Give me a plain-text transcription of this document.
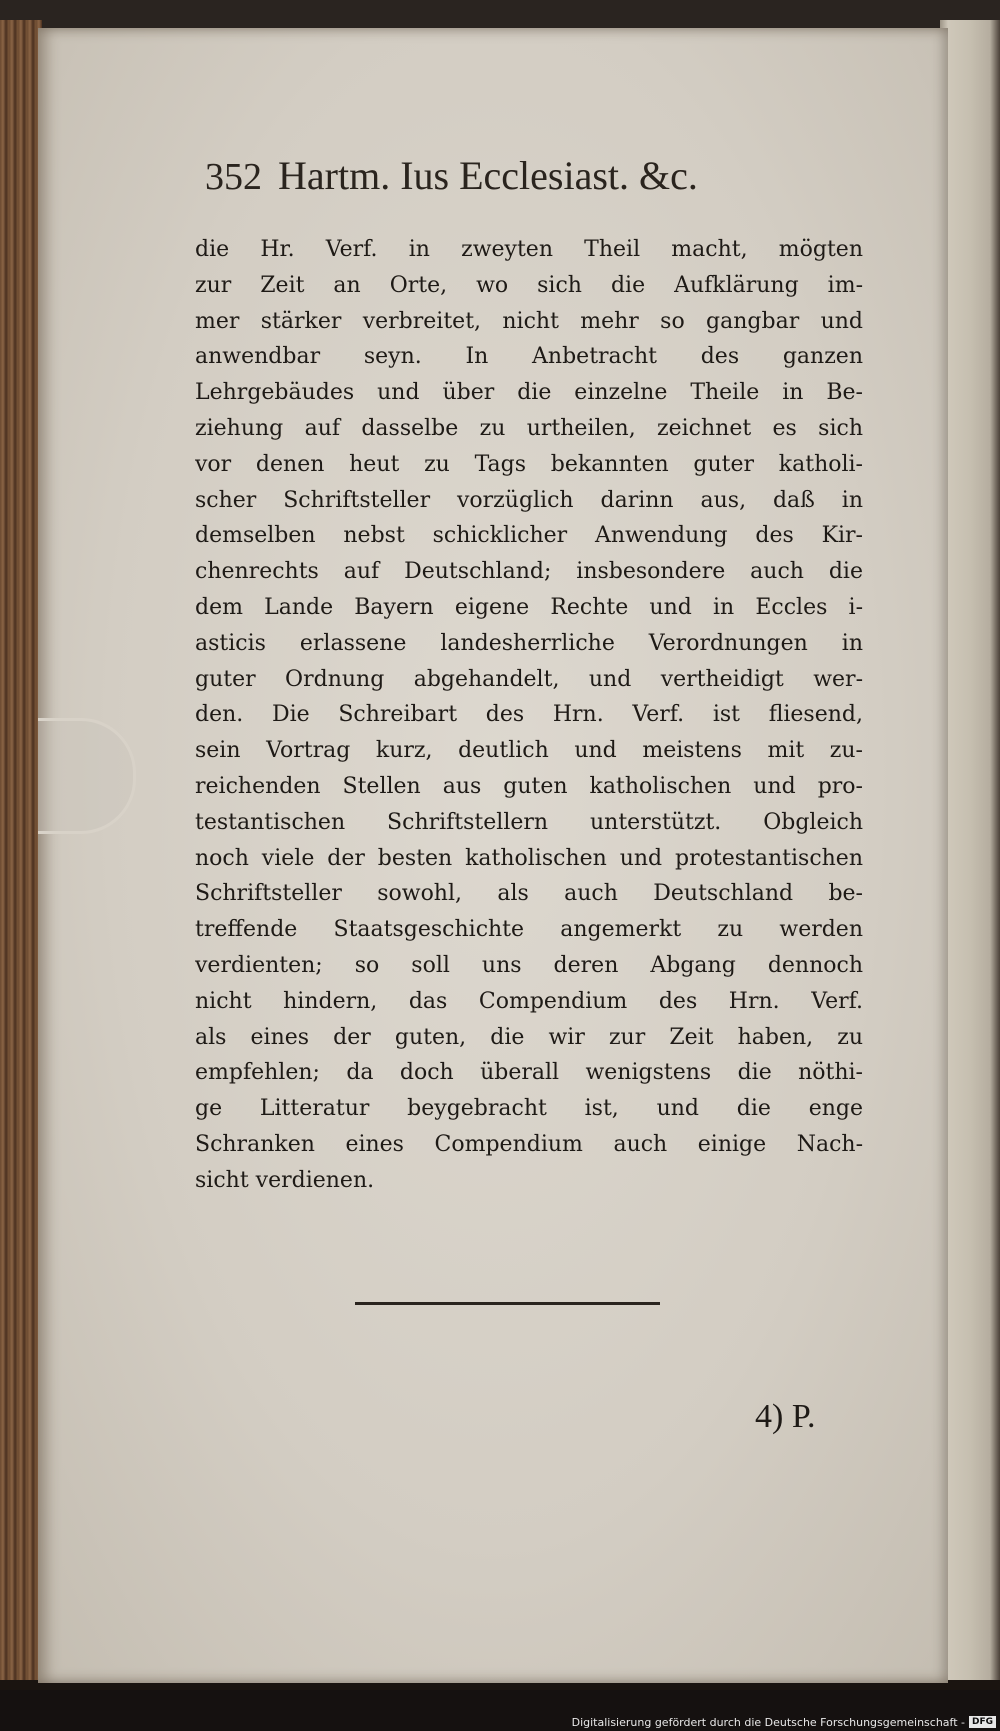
352 Hartm. Ius Ecclesiast. &c.
die Hr. Verf. in zweyten Theil macht, mögten
zur Zeit an Orte, wo sich die Aufklärung im-
mer stärker verbreitet, nicht mehr so gangbar und
anwendbar seyn. In Anbetracht des ganzen
Lehrgebäudes und über die einzelne Theile in Be-
ziehung auf dasselbe zu urtheilen, zeichnet es sich
vor denen heut zu Tags bekannten guter katholi-
scher Schriftsteller vorzüglich darinn aus, daß in
demselben nebst schicklicher Anwendung des Kir-
chenrechts auf Deutschland; insbesondere auch die
dem Lande Bayern eigene Rechte und in Eccles i-
asticis erlassene landesherrliche Verordnungen in
guter Ordnung abgehandelt, und vertheidigt wer-
den. Die Schreibart des Hrn. Verf. ist fliesend,
sein Vortrag kurz, deutlich und meistens mit zu-
reichenden Stellen aus guten katholischen und pro-
testantischen Schriftstellern unterstützt. Obgleich
noch viele der besten katholischen und protestantischen
Schriftsteller sowohl, als auch Deutschland be-
treffende Staatsgeschichte angemerkt zu werden
verdienten; so soll uns deren Abgang dennoch
nicht hindern, das Compendium des Hrn. Verf.
als eines der guten, die wir zur Zeit haben, zu
empfehlen; da doch überall wenigstens die nöthi-
ge Litteratur beygebracht ist, und die enge
Schranken eines Compendium auch einige Nach-
sicht verdienen.
4) P.
Digitalisierung gefördert durch die Deutsche Forschungsgemeinschaft - DFG
